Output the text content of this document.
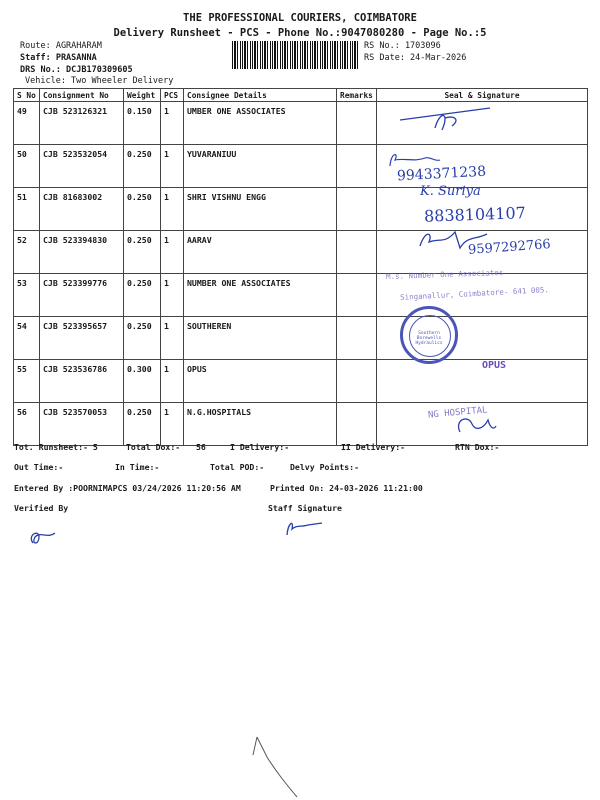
THE PROFESSIONAL COURIERS, COIMBATORE
Delivery Runsheet - PCS - Phone No.:9047080280 - Page No.:5
Route: AGRAHARAM
Staff: PRASANNA
DRS No.: DCJB170309605
Vehicle: Two Wheeler Delivery
RS No.: 1703096
RS Date: 24-Mar-2026
S No	Consignment No	Weight	PCS	Consignee Details	Remarks	Seal & Signature
49	CJB 523126321	0.150	1	UMBER ONE ASSOCIATES		
50	CJB 523532054	0.250	1	YUVARANIUU		
51	CJB 81683002	0.250	1	SHRI VISHNU ENGG		
52	CJB 523394830	0.250	1	AARAV		
53	CJB 523399776	0.250	1	NUMBER ONE ASSOCIATES		
54	CJB 523395657	0.250	1	SOUTHEREN		
55	CJB 523536786	0.300	1	OPUS		
56	CJB 523570053	0.250	1	N.G.HOSPITALS		
9943371238
K. Suriya
8838104107
9597292766
M.s. Number One Associates
Singanallur, Coimbatore- 641 005.
OPUS
NG HOSPITAL
Southern Borewells Hydraulics
Tot. Runsheet:- 5	Total Dox:- 56	I Delivery:-	II Delivery:-	RTN Dox:-
Out Time:-	In Time:-	Total POD:-	Delvy Points:-
Entered By :POORNIMAPCS 03/24/2026 11:20:56 AM	Printed On: 24-03-2026 11:21:00
Verified By	Staff Signature
